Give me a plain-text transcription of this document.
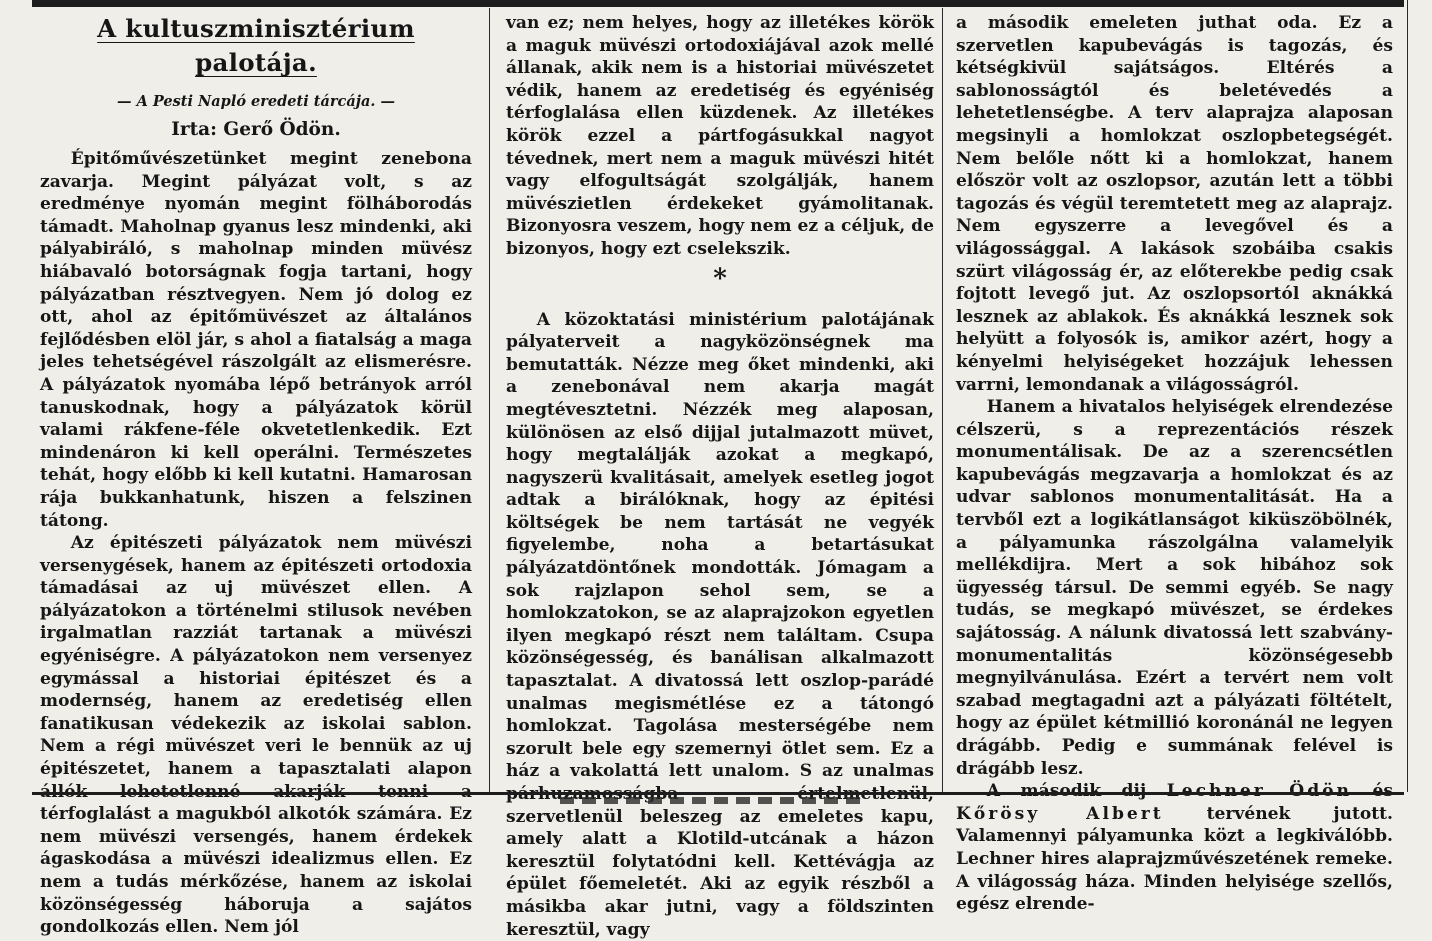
A kultuszminisztérium palotája.
— A Pesti Napló eredeti tárcája. —
Irta: Gerő Ödön.

Épitőművészetünket megint zenebona zavarja. Megint pályázat volt, s az eredménye nyomán megint fölháborodás támadt. Maholnap gyanus lesz mindenki, aki pályabiráló, s maholnap minden müvész hiábavaló botorságnak fogja tartani, hogy pályázatban résztvegyen. Nem jó dolog ez ott, ahol az épitőmüvészet az általános fejlődésben elöl jár, s ahol a fiatalság a maga jeles tehetségével rászolgált az elismerésre. A pályázatok nyomába lépő betrányok arról tanuskodnak, hogy a pályázatok körül valami rákfene-féle okvetetlenkedik. Ezt mindenáron ki kell operálni. Természetes tehát, hogy előbb ki kell kutatni. Hamarosan rája bukkanhatunk, hiszen a felszinen tátong.

Az épitészeti pályázatok nem müvészi versenygések, hanem az épitészeti ortodoxia támadásai az uj müvészet ellen. A pályázatokon a történelmi stilusok nevében irgalmatlan razziát tartanak a müvészi egyéniségre. A pályázatokon nem versenyez egymással a historiai épitészet és a modernség, hanem az eredetiség ellen fanatikusan védekezik az iskolai sablon. Nem a régi müvészet veri le bennük az uj épitészetet, hanem a tapasztalati alapon térfoglalást a magukból alkotók számára. Ez nem müvészi versengés, hanem érdekek ágaskodása a müvészi idealizmus ellen. Ez nem a tudás mérkőzése, hanem az iskolai közönségesség háboruja a sajátos gondolkozás ellen. Nem jól

van ez; nem helyes, hogy az illetékes körök a maguk müvészi ortodoxiájával azok mellé állanak, akik nem is a historiai müvészetet védik, hanem az eredetiség és egyéniség térfoglalása ellen küzdenek. Az illetékes körök ezzel a pártfogásukkal nagyot tévednek, mert nem a maguk müvészi hitét vagy elfogultságát szolgálják, hanem müvészietlen érdekeket gyámolitanak. Bizonyosra veszem, hogy nem ez a céljuk, de bizonyos, hogy ezt cselekszik.

*

A közoktatási ministérium palotájának pályaterveit a nagyközönségnek ma bemutatták. Nézze meg őket mindenki, aki a zenebonával nem akarja magát megtévesztetni. Nézzék meg alaposan, különösen az első dijjal jutalmazott müvet, hogy megtalálják azokat a megkapó, nagyszerü kvalitásait, amelyek esetleg jogot adtak a birálóknak, hogy az épitési költségek be nem tartását ne vegyék figyelembe, noha a betartásukat pályázatdöntőnek mondották. Jómagam a sok rajzlapon sehol sem, se a homlokzatokon, se az alaprajzokon egyetlen ilyen megkapó részt nem találtam. Csupa közönségesség, és banálisan alkalmazott tapasztalat. A divatossá lett oszlop-parádé unalmas megismétlése ez a tátongó homlokzat. Tagolása mesterségébe nem szorult bele egy szemernyi ötlet sem. Ez a ház a vakolattá lett unalom. S az unalmas szervetlenül beleszeg az emeletes kapu, amely alatt a Klotild-utcának a házon keresztül folytatódni kell. Kettévágja az épület főemeletét. Aki az egyik részből a másikba akar jutni, vagy a földszinten keresztül, vagy

a második emeleten juthat oda. Ez a szervetlen kapubevágás is tagozás, és kétségkivül sajátságos. Eltérés a sablonosságtól és beletévedés a lehetetlenségbe. A terv alaprajza alaposan megsinyli a homlokzat oszlopbetegségét. Nem belőle nőtt ki a homlokzat, hanem először volt az oszlopsor, azután lett a többi tagozás és végül teremtetett meg az alaprajz. Nem egyszerre a levegővel és a világossággal. A lakások szobáiba csakis szürt világosság ér, az előterekbe pedig csak fojtott levegő jut. Az oszlopsortól aknákká lesznek az ablakok. És aknákká lesznek sok helyütt a folyosók is, amikor azért, hogy a kényelmi helyiségeket hozzájuk lehessen varrni, lemondanak a világosságról.

Hanem a hivatalos helyiségek elrendezése célszerü, s a reprezentációs részek monumentálisak. De az a szerencsétlen kapubevágás megzavarja a homlokzat és az udvar sablonos monumentalitását. Ha a tervből ezt a logikátlanságot kiküszöbölnék, a pályamunka rászolgálna valamelyik mellékdijra. Mert a sok hibához sok ügyesség társul. De semmi egyéb. Se nagy tudás, se megkapó müvészet, se érdekes sajátosság. A nálunk divatossá lett szabvány-monumentalitás közönségesebb megnyilvánulása. Ezért a tervért nem volt szabad megtagadni azt a pályázati föltételt, hogy az épület kétmillió koronánál ne legyen drágább. Pedig e summának felével is drágább lesz.

Kőrösy Albert	tervének jutott. Valamennyi pályamunka közt a legkiválóbb. Lechner hires alaprajzművészetének remeke. A világosság háza. Minden helyisége szellős, egész elrende-
